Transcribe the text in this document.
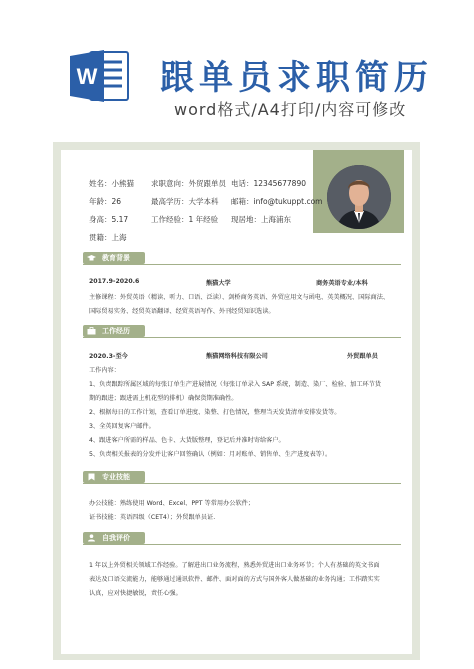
W 跟单员求职简历
word格式/A4打印/内容可修改
姓名：小熊猫 求职意向：外贸跟单员 电话：12345677890
年龄：26	最高学历：大学本科 邮箱：info@tukuppt.com
身高：5.17	工作经验：1 年经验 现居地：上海浦东
贯籍：上海
教育背景
2017.9-2020.6	熊猫大学	商务英语专业/本科
主修课程：外贸英语（精读、听力、口语、泛读）、剑桥商务英语、外贸应用文与函电、英美概况、国际商法、
国际贸易实务、经贸英语翻译、经贸英语写作、外刊经贸知识选读。
工作经历
2020.3-至今	熊猫网络科技有限公司	外贸跟单员
工作内容：
1、负责跟踪所属区域的每张订单生产进展情况（每张订单录入 SAP 系统，制造、染厂、检验、加工环节货
期的跟进；跟进需上机花型的排机）确保货期准确性。
2、根据每日的工作计划，查看订单进度、染整、打色情况，整理当天发货清单安排发货等。
3、全英回复客户邮件。
4、跟进客户所需的样品、色卡、大货版整理，登记后并准时寄给客户。
5、负责相关报表的分发并让客户回签确认（例如：月对账单、销售单、生产进度表等）。
专业技能
办公技能：熟练使用 Word、Excel、PPT 等常用办公软件；
证书技能：英语四级（CET4）；外贸跟单员证.
自我评价
1 年以上外贸相关领域工作经验。了解进出口业务流程，熟悉外贸进出口业务环节；个人有基础的英文书面
表达及口语交流能力，能够通过通讯软件、邮件、面对面的方式与国外客人做基础的业务沟通；工作踏实实
认真，应对快捷敏锐，责任心强。
